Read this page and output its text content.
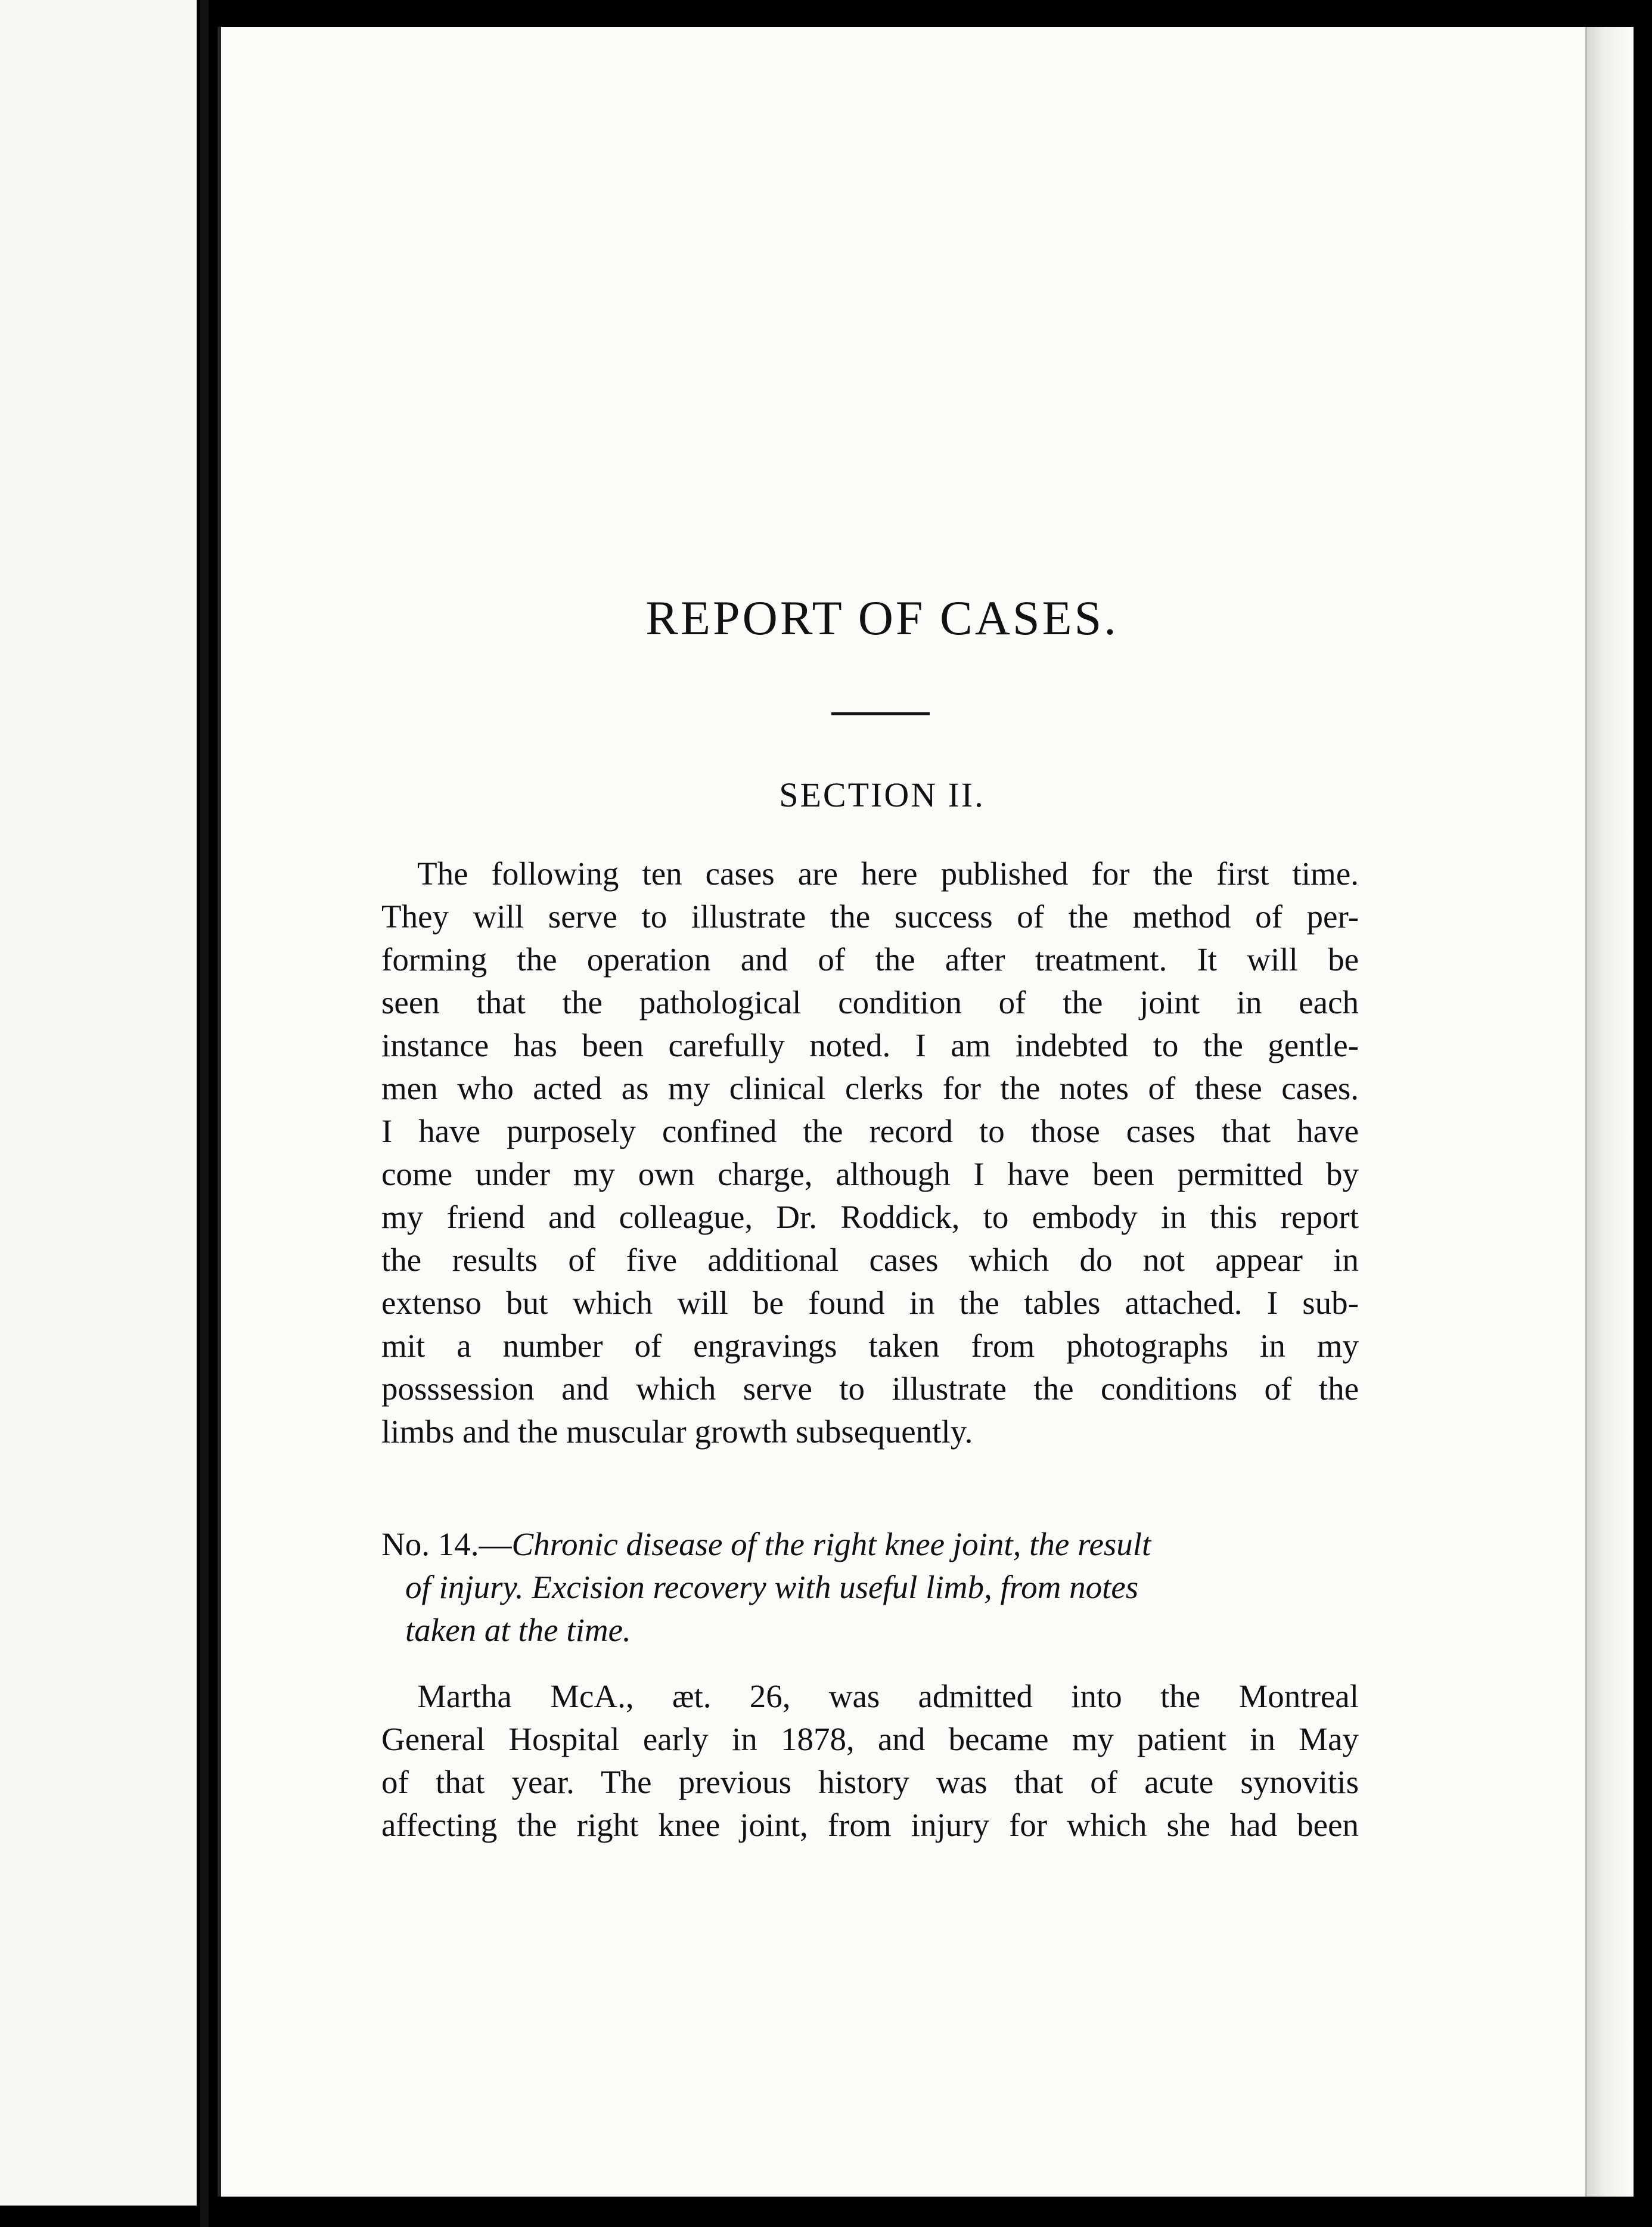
REPORT OF CASES.
SECTION II.
The following ten cases are here published for the first time.
They will serve to illustrate the success of the method of per-
forming the operation and of the after treatment. It will be
seen that the pathological condition of the joint in each
instance has been carefully noted. I am indebted to the gentle-
men who acted as my clinical clerks for the notes of these cases.
I have purposely confined the record to those cases that have
come under my own charge, although I have been permitted by
my friend and colleague, Dr. Roddick, to embody in this report
the results of five additional cases which do not appear in
extenso but which will be found in the tables attached. I sub-
mit a number of engravings taken from photographs in my
posssession and which serve to illustrate the conditions of the
limbs and the muscular growth subsequently.
No. 14.—Chronic disease of the right knee joint, the result
of injury. Excision recovery with useful limb, from notes
taken at the time.
Martha McA., æt. 26, was admitted into the Montreal
General Hospital early in 1878, and became my patient in May
of that year. The previous history was that of acute synovitis
affecting the right knee joint, from injury for which she had been
